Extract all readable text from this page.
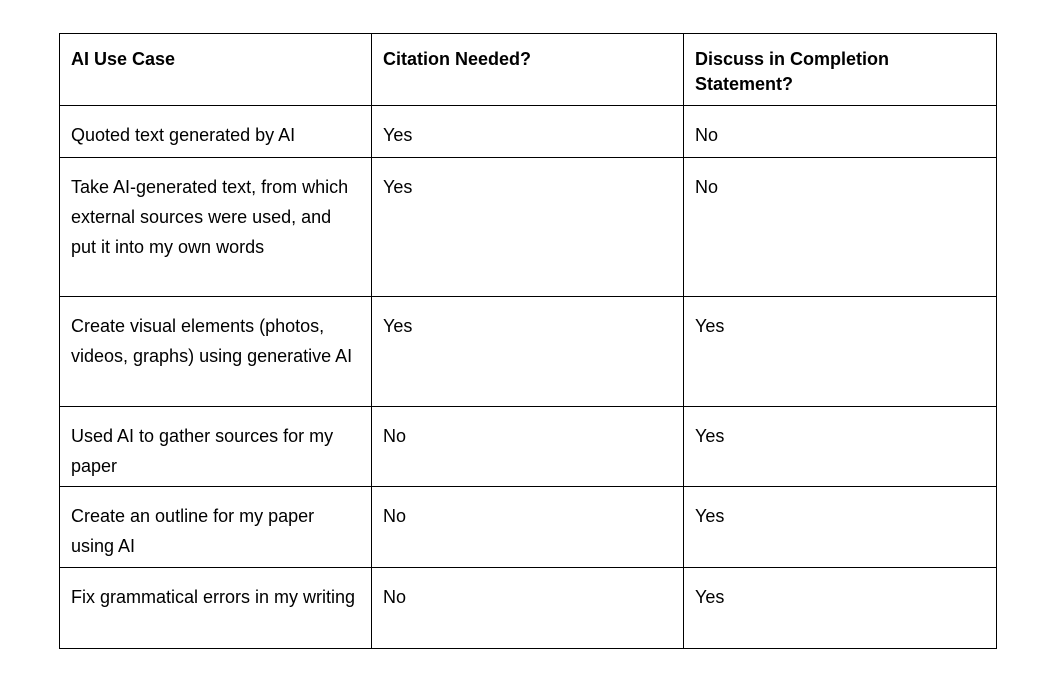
AI Use Case	Citation Needed?	Discuss in Completion Statement?
Quoted text generated by AI	Yes	No
Take AI-generated text, from which external sources were used, and put it into my own words	Yes	No
Create visual elements (photos, videos, graphs) using generative AI	Yes	Yes
Used AI to gather sources for my paper	No	Yes
Create an outline for my paper using AI	No	Yes
Fix grammatical errors in my writing	No	Yes
